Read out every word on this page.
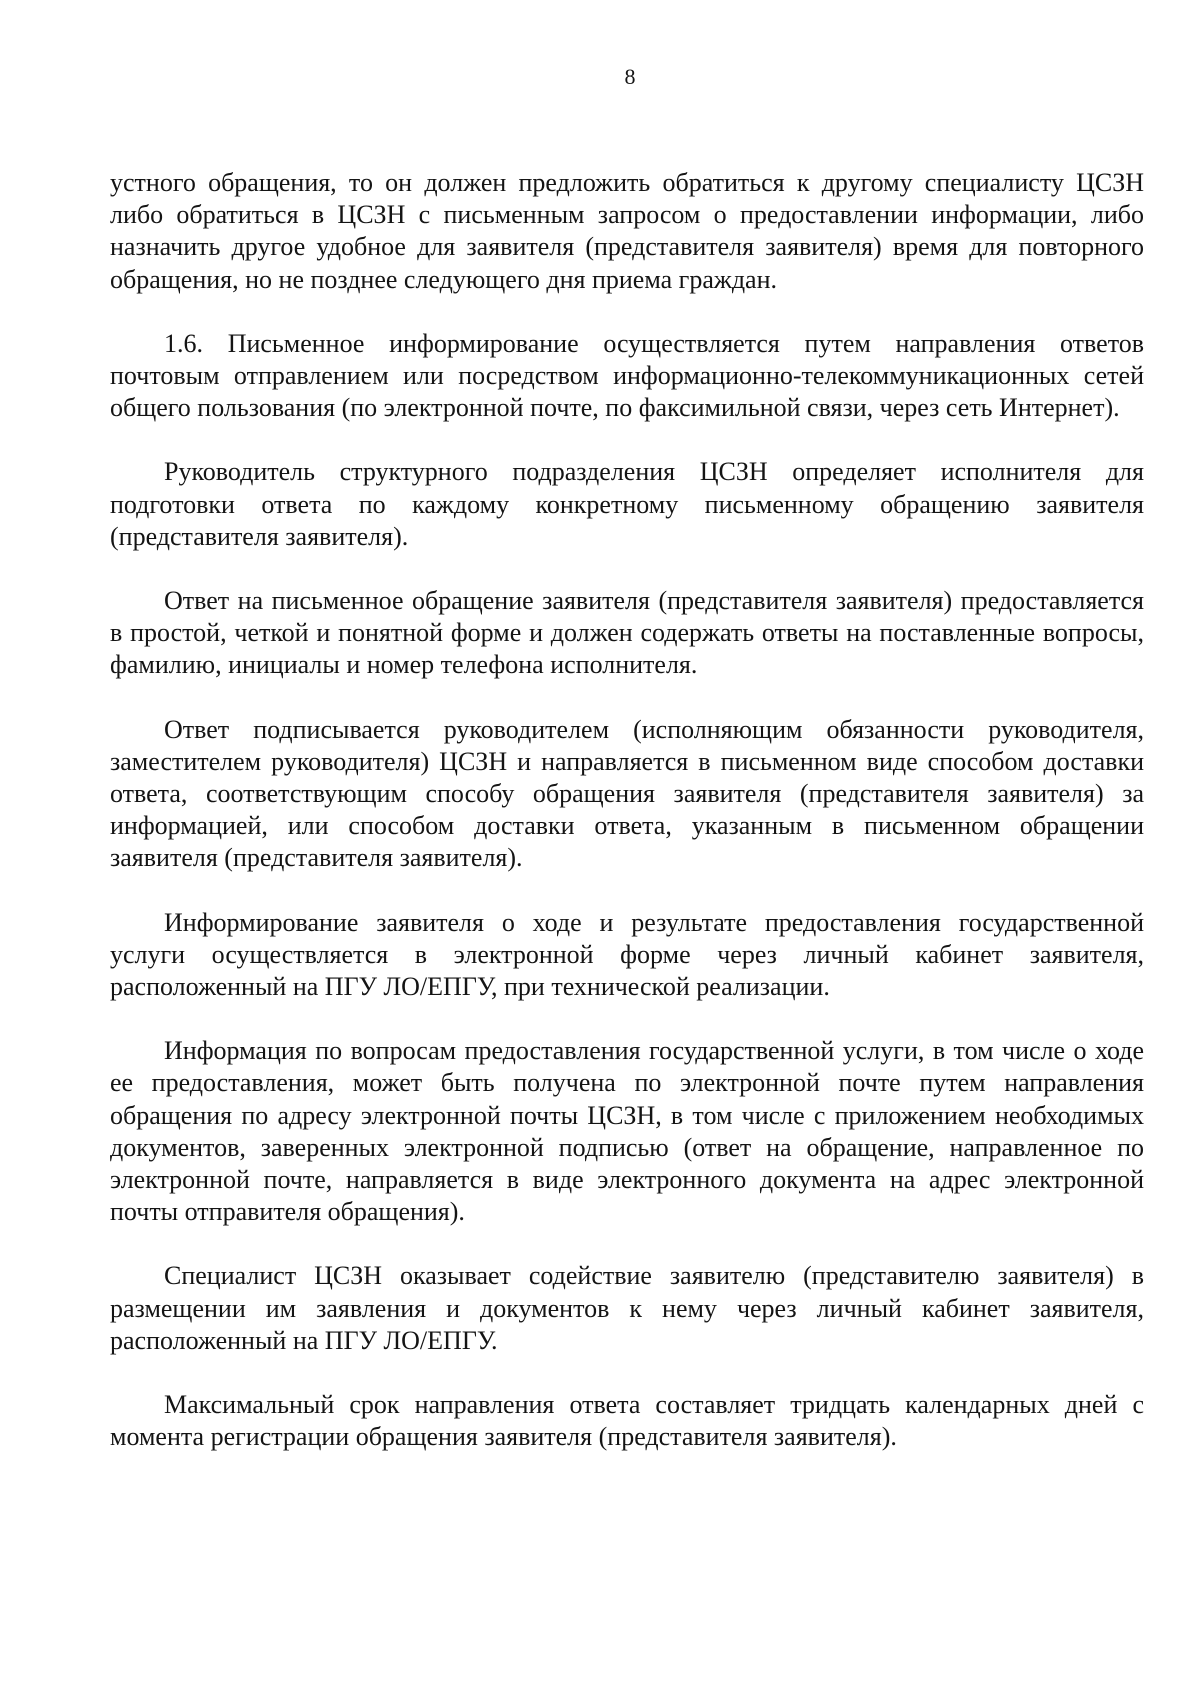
8

устного обращения, то он должен предложить обратиться к другому специалисту ЦСЗН либо обратиться в ЦСЗН с письменным запросом о предоставлении информации, либо назначить другое удобное для заявителя (представителя заявителя) время для повторного обращения, но не позднее следующего дня приема граждан.

1.6. Письменное информирование осуществляется путем направления ответов почтовым отправлением или посредством информационно-телекоммуникационных сетей общего пользования (по электронной почте, по факсимильной связи, через сеть Интернет).

Руководитель структурного подразделения ЦСЗН определяет исполнителя для подготовки ответа по каждому конкретному письменному обращению заявителя (представителя заявителя).

Ответ на письменное обращение заявителя (представителя заявителя) предоставляется в простой, четкой и понятной форме и должен содержать ответы на поставленные вопросы, фамилию, инициалы и номер телефона исполнителя.

Ответ подписывается руководителем (исполняющим обязанности руководителя, заместителем руководителя) ЦСЗН и направляется в письменном виде способом доставки ответа, соответствующим способу обращения заявителя (представителя заявителя) за информацией, или способом доставки ответа, указанным в письменном обращении заявителя (представителя заявителя).

Информирование заявителя о ходе и результате предоставления государственной услуги осуществляется в электронной форме через личный кабинет заявителя, расположенный на ПГУ ЛО/ЕПГУ, при технической реализации.

Информация по вопросам предоставления государственной услуги, в том числе о ходе ее предоставления, может быть получена по электронной почте путем направления обращения по адресу электронной почты ЦСЗН, в том числе с приложением необходимых документов, заверенных электронной подписью (ответ на обращение, направленное по электронной почте, направляется в виде электронного документа на адрес электронной почты отправителя обращения).

Специалист ЦСЗН оказывает содействие заявителю (представителю заявителя) в размещении им заявления и документов к нему через личный кабинет заявителя, расположенный на ПГУ ЛО/ЕПГУ.

Максимальный срок направления ответа составляет тридцать календарных дней с момента регистрации обращения заявителя (представителя заявителя).
